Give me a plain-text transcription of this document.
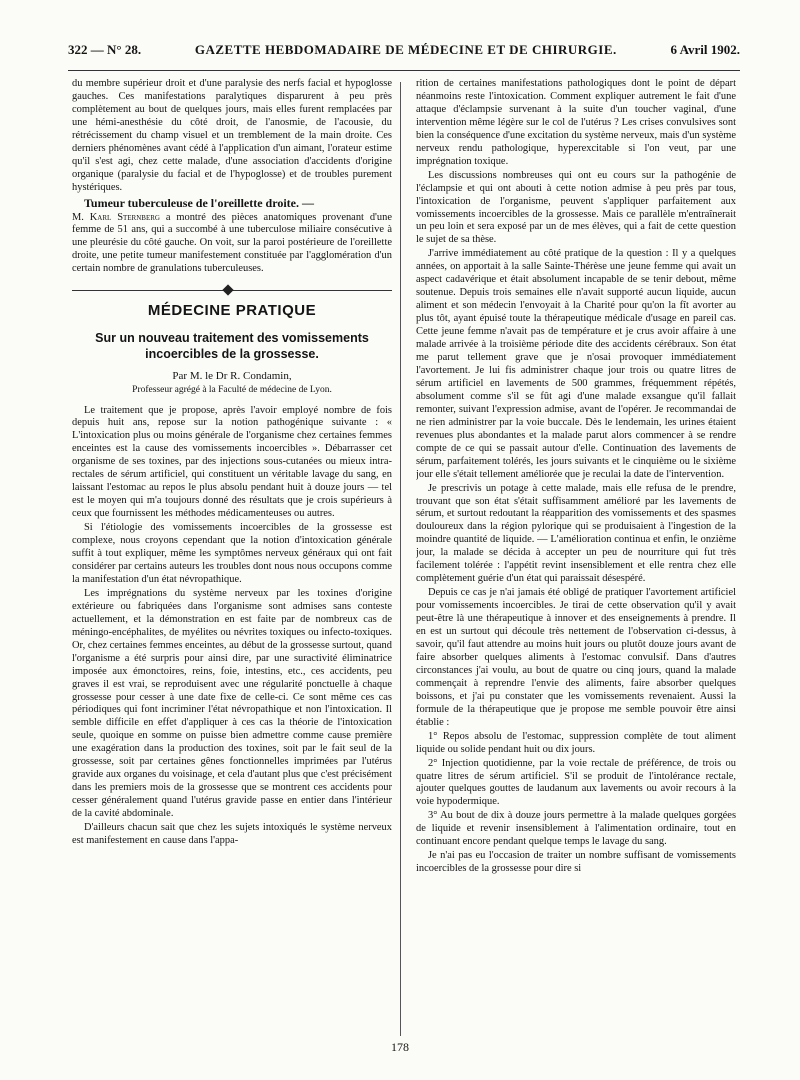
322 — N° 28.	GAZETTE HEBDOMADAIRE DE MÉDECINE ET DE CHIRURGIE.	6 Avril 1902.

du membre supérieur droit et d'une paralysie des nerfs facial et hypoglosse gauches. Ces manifestations paralytiques disparurent à peu près complètement au bout de quelques jours, mais elles furent remplacées par une hémi-anesthésie du côté droit, de l'anosmie, de l'acousie, du rétrécissement du champ visuel et un tremblement de la main droite. Ces derniers phénomènes avant cédé à l'application d'un aimant, l'orateur estime qu'il s'est agi, chez cette malade, d'une association d'accidents d'origine organique (paralysie du facial et de l'hypoglosse) et de troubles purement hystériques.

Tumeur tuberculeuse de l'oreillette droite. —
M. Karl Sternberg a montré des pièces anatomiques provenant d'une femme de 51 ans, qui a succombé à une tuberculose miliaire consécutive à une pleurésie du côté gauche. On voit, sur la paroi postérieure de l'oreillette droite, une petite tumeur manifestement constituée par l'agglomération d'un certain nombre de granulations tuberculeuses.

MÉDECINE PRATIQUE
Sur un nouveau traitement des vomissements incoercibles de la grossesse.
Par M. le Dr R. Condamin,
Professeur agrégé à la Faculté de médecine de Lyon.

Le traitement que je propose, après l'avoir employé nombre de fois depuis huit ans, repose sur la notion pathogénique suivante : « L'intoxication plus ou moins générale de l'organisme chez certaines femmes enceintes est la cause des vomissements incoercibles ». Débarrasser cet organisme de ses toxines, par des injections sous-cutanées ou mieux intra-rectales de sérum artificiel, qui constituent un véritable lavage du sang, en laissant l'estomac au repos le plus absolu pendant huit à douze jours — tel est le moyen qui m'a toujours donné des résultats que je crois supérieurs à ceux que fournissent les méthodes médicamenteuses ou autres.

Si l'étiologie des vomissements incoercibles de la grossesse est complexe, nous croyons cependant que la notion d'intoxication générale suffit à tout expliquer, même les symptômes nerveux généraux qui ont fait considérer par certains auteurs les troubles dont nous nous occupons comme la manifestation d'un état névropathique.

Les imprégnations du système nerveux par les toxines d'origine extérieure ou fabriquées dans l'organisme sont admises sans conteste actuellement, et la démonstration en est faite par de nombreux cas de méningo-encéphalites, de myélites ou névrites toxiques ou infecto-toxiques. Or, chez certaines femmes enceintes, au début de la grossesse surtout, quand l'organisme a été surpris pour ainsi dire, par une suractivité éliminatrice imposée aux émonctoires, reins, foie, intestins, etc., ces accidents, peu graves il est vrai, se reproduisent avec une régularité ponctuelle à chaque grossesse pour cesser à une date fixe de celle-ci. Ce sont même ces cas périodiques qui font incriminer l'état névropathique et non l'intoxication. Il semble difficile en effet d'appliquer à ces cas la théorie de l'intoxication seule, quoique en somme on puisse bien admettre comme cause première une exagération dans la production des toxines, soit par le fait seul de la grossesse, soit par certaines gênes fonctionnelles imprimées par l'utérus gravide aux organes du voisinage, et cela d'autant plus que c'est précisément dans les premiers mois de la grossesse que se montrent ces accidents pour cesser généralement quand l'utérus gravide passe en entier dans l'intérieur de la cavité abdominale.

D'ailleurs chacun sait que chez les sujets intoxiqués le système nerveux est manifestement en cause dans l'appa-

rition de certaines manifestations pathologiques dont le point de départ néanmoins reste l'intoxication. Comment expliquer autrement le fait d'une attaque d'éclampsie survenant à la suite d'un toucher vaginal, d'une intervention même légère sur le col de l'utérus ? Les crises convulsives sont bien la conséquence d'une excitation du système nerveux, mais d'un système nerveux rendu pathologique, hyperexcitable si l'on veut, par une imprégnation toxique.

Les discussions nombreuses qui ont eu cours sur la pathogénie de l'éclampsie et qui ont abouti à cette notion admise à peu près par tous, l'intoxication de l'organisme, peuvent s'appliquer parfaitement aux vomissements incoercibles de la grossesse. Mais ce parallèle m'entraînerait un peu loin et sera exposé par un de mes élèves, qui a fait de cette question le sujet de sa thèse.

J'arrive immédiatement au côté pratique de la question : Il y a quelques années, on apportait à la salle Sainte-Thérèse une jeune femme qui avait un aspect cadavérique et était absolument incapable de se tenir debout, même soutenue. Depuis trois semaines elle n'avait supporté aucun liquide, aucun aliment et son médecin l'envoyait à la Charité pour qu'on la fît avorter au plus tôt, ayant épuisé toute la thérapeutique médicale d'usage en pareil cas. Cette jeune femme n'avait pas de température et je crus avoir affaire à une malade arrivée à la troisième période dite des accidents cérébraux. Son état me parut tellement grave que je n'osai provoquer immédiatement l'avortement. Je lui fis administrer chaque jour trois ou quatre litres de sérum artificiel en lavements de 500 grammes, fréquemment répétés, absolument comme s'il se fût agi d'une malade exsangue qu'il fallait remonter, suivant l'expression admise, avant de l'opérer. Je recommandai de ne rien administrer par la voie buccale. Dès le lendemain, les urines étaient revenues plus abondantes et la malade parut alors commencer à se rendre compte de ce qui se passait autour d'elle. Continuation des lavements de sérum, parfaitement tolérés, les jours suivants et le cinquième ou le sixième jour elle s'était tellement améliorée que je reculai la date de l'intervention.

Je prescrivis un potage à cette malade, mais elle refusa de le prendre, trouvant que son état s'était suffisamment amélioré par les lavements de sérum, et surtout redoutant la réapparition des vomissements et des spasmes douloureux dans la région pylorique qui se produisaient à l'ingestion de la moindre quantité de liquide. — L'amélioration continua et enfin, le onzième jour, la malade se décida à accepter un peu de nourriture qui fut très facilement tolérée : l'appétit revint insensiblement et elle rentra chez elle complètement guérie d'un état qui paraissait désespéré.

Depuis ce cas je n'ai jamais été obligé de pratiquer l'avortement artificiel pour vomissements incoercibles. Je tirai de cette observation qu'il y avait peut-être là une thérapeutique à innover et des enseignements à prendre. Il en est un surtout qui découle très nettement de l'observation ci-dessus, à savoir, qu'il faut attendre au moins huit jours ou plutôt douze jours avant de faire absorber quelques aliments à l'estomac convulsif. Dans d'autres circonstances j'ai voulu, au bout de quatre ou cinq jours, quand la malade commençait à reprendre l'envie des aliments, faire absorber quelques boissons, et j'ai pu constater que les vomissements revenaient. Aussi la formule de la thérapeutique que je propose me semble pouvoir être ainsi établie :

1° Repos absolu de l'estomac, suppression complète de tout aliment liquide ou solide pendant huit ou dix jours.

2° Injection quotidienne, par la voie rectale de préférence, de trois ou quatre litres de sérum artificiel. S'il se produit de l'intolérance rectale, ajouter quelques gouttes de laudanum aux lavements ou avoir recours à la voie hypodermique.

3° Au bout de dix à douze jours permettre à la malade quelques gorgées de liquide et revenir insensiblement à l'alimentation ordinaire, tout en continuant encore pendant quelque temps le lavage du sang.

Je n'ai pas eu l'occasion de traiter un nombre suffisant de vomissements incoercibles de la grossesse pour dire si

178
